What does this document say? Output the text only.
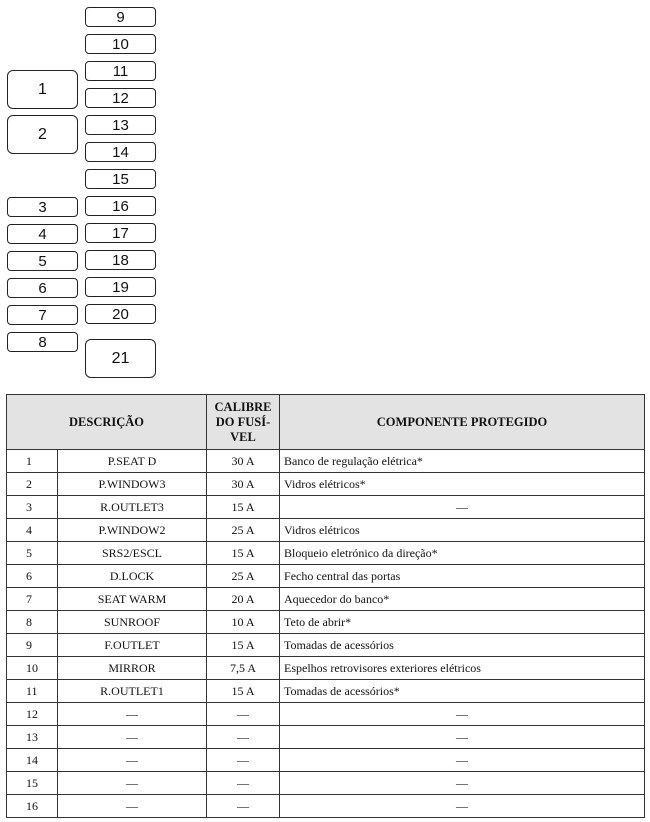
1
2
3
4
5
6
7
8
9
10
11
12
13
14
15
16
17
18
19
20
21
DESCRIÇÃO		CALIBRE
DO FUSÍ-
VEL	COMPONENTE PROTEGIDO
1	P.SEAT D	30 A	Banco de regulação elétrica*
2	P.WINDOW3	30 A	Vidros elétricos*
3	R.OUTLET3	15 A	—
4	P.WINDOW2	25 A	Vidros elétricos
5	SRS2/ESCL	15 A	Bloqueio eletrónico da direção*
6	D.LOCK	25 A	Fecho central das portas
7	SEAT WARM	20 A	Aquecedor do banco*
8	SUNROOF	10 A	Teto de abrir*
9	F.OUTLET	15 A	Tomadas de acessórios
10	MIRROR	7,5 A	Espelhos retrovisores exteriores elétricos
11	R.OUTLET1	15 A	Tomadas de acessórios*
12	—	—	—
13	—	—	—
14	—	—	—
15	—	—	—
16	—	—	—
